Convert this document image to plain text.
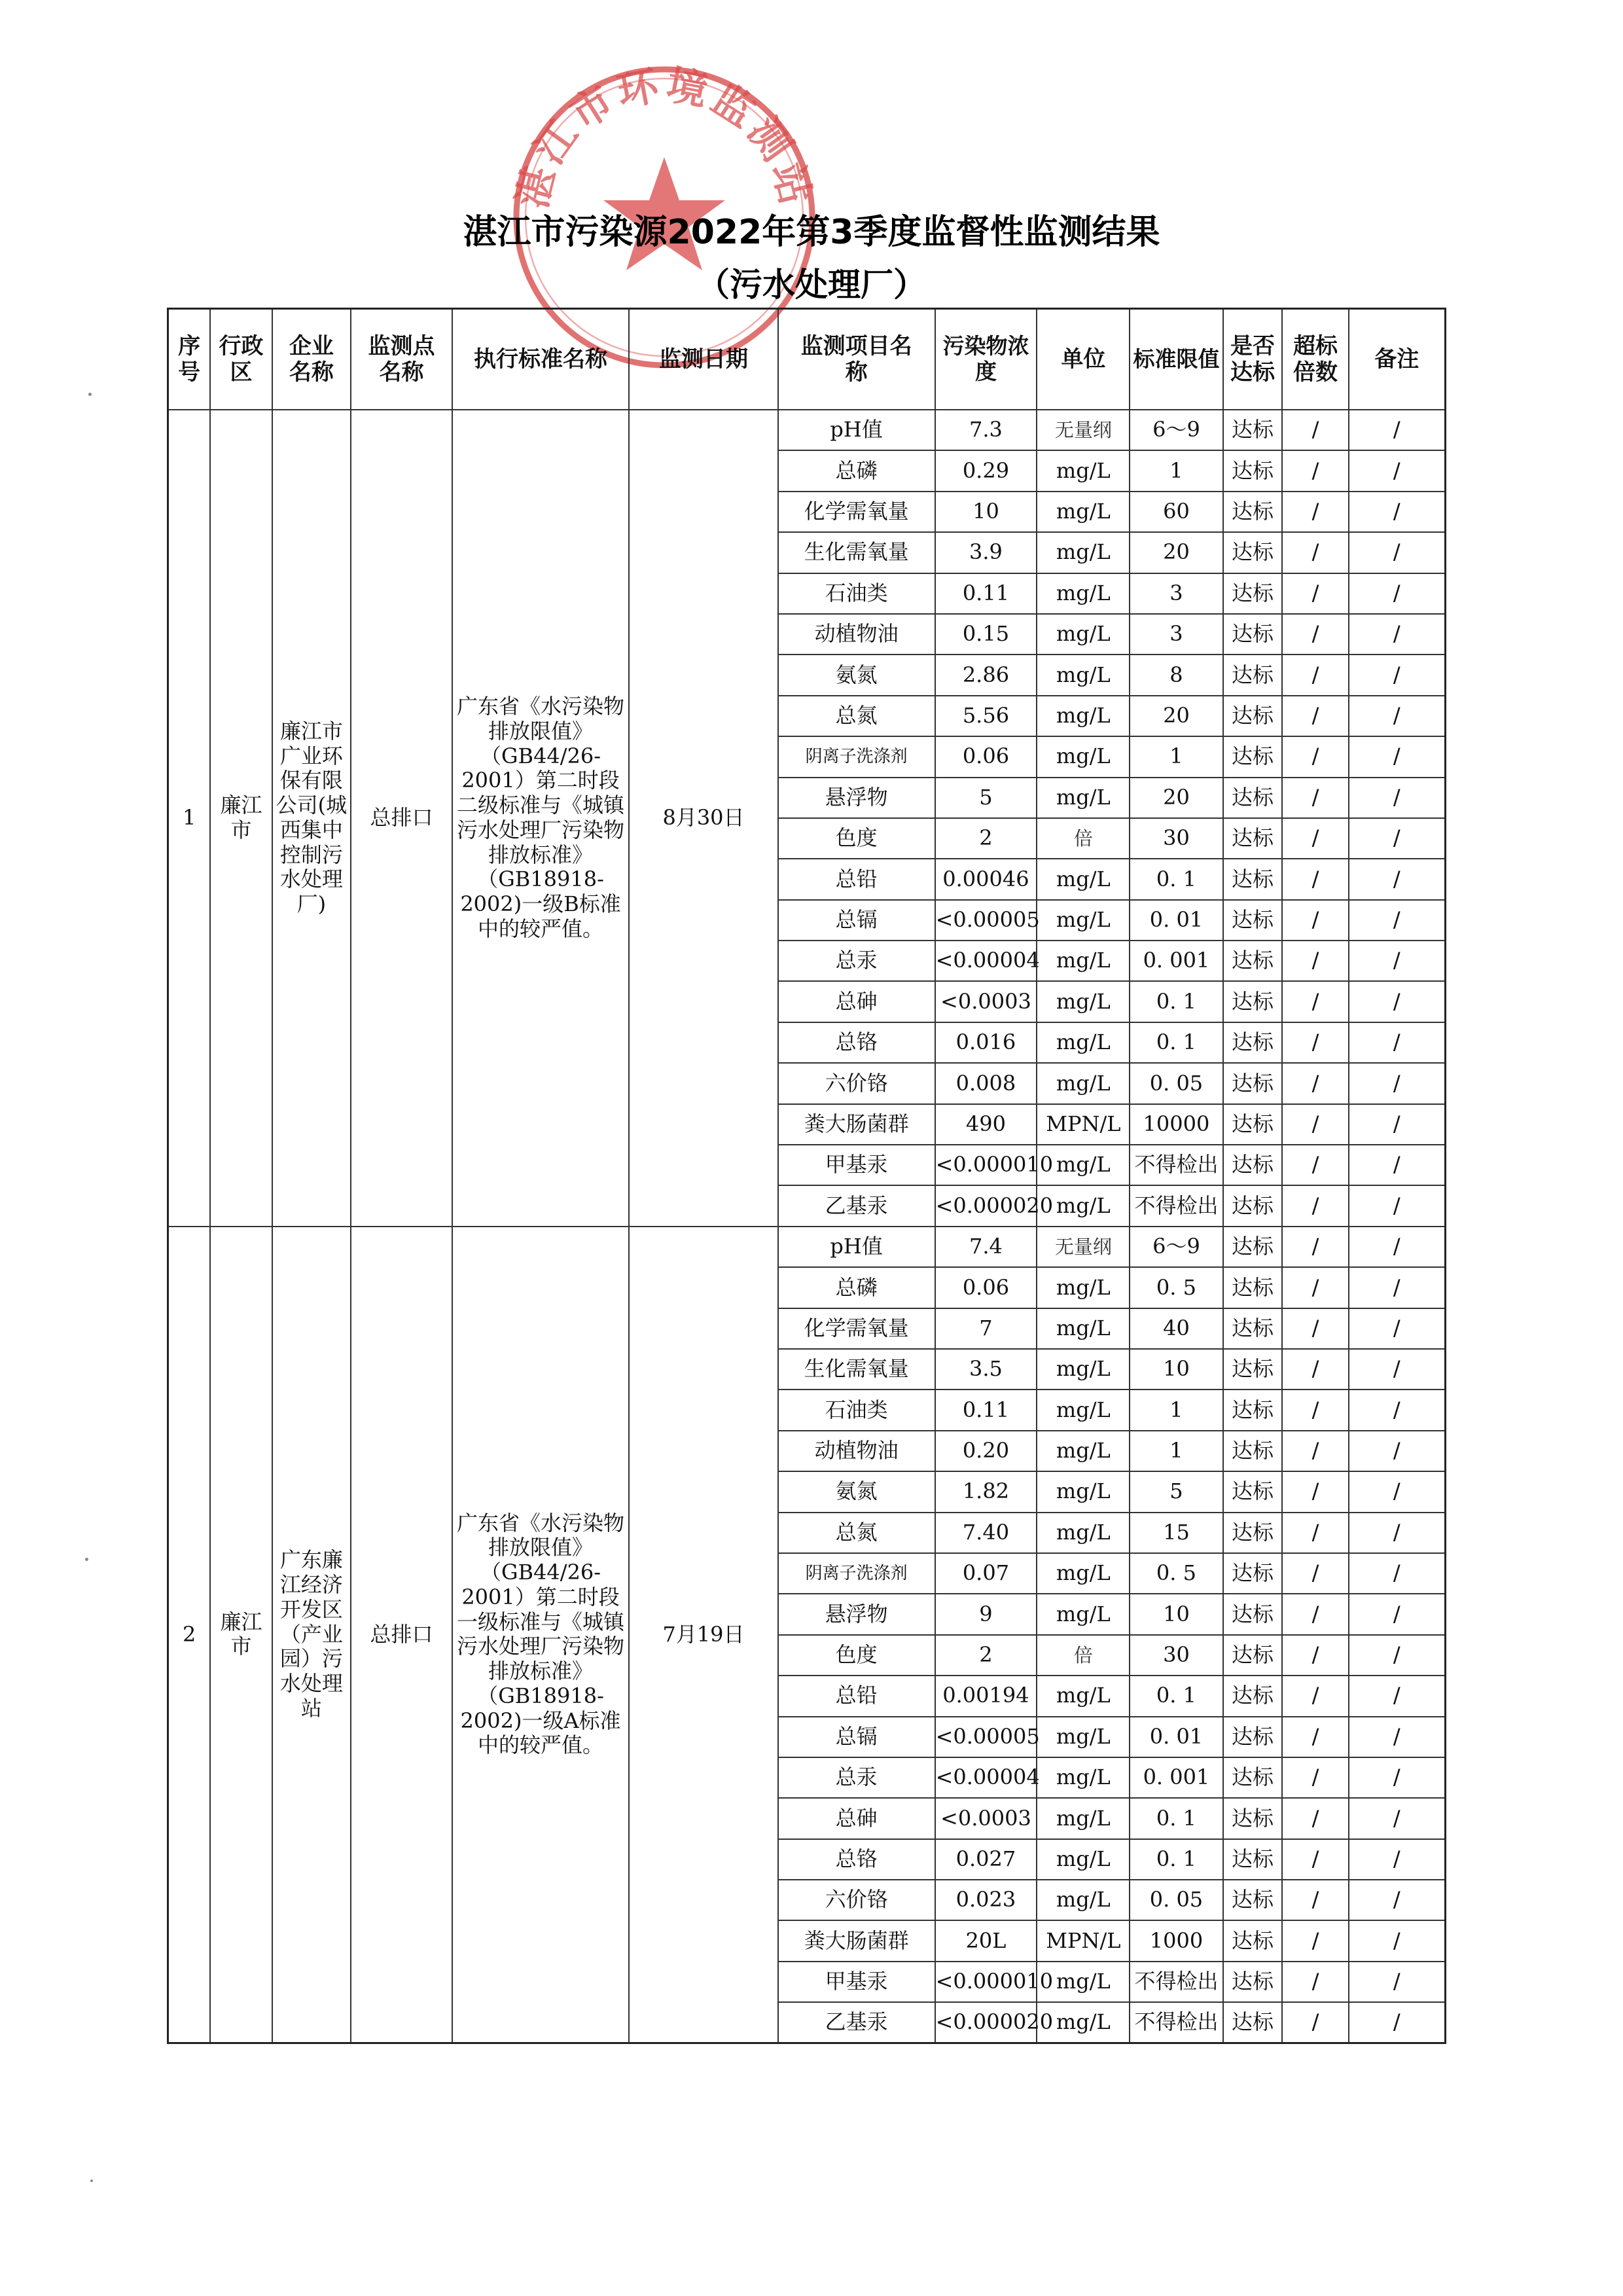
湛江市环境监测站
湛江市污染源2022年第3季度监督性监测结果
（污水处理厂）
序号	行政区	企业名称	监测点名称	执行标准名称	监测日期	监测项目名称	污染物浓度	单位	标准限值	是否达标	超标倍数	备注
1	廉江市	廉江市广业环保有限公司(城西集中控制污水处理厂)	总排口	广东省《水污染物排放限值》（GB44/26-2001）第二时段二级标准与《城镇污水处理厂污染物排放标准》（GB18918-2002)一级B标准中的较严值。	8月30日	pH值	7.3	无量纲	6～9	达标	/	/
						总磷	0.29	mg/L	1	达标	/	/
						化学需氧量	10	mg/L	60	达标	/	/
						生化需氧量	3.9	mg/L	20	达标	/	/
						石油类	0.11	mg/L	3	达标	/	/
						动植物油	0.15	mg/L	3	达标	/	/
						氨氮	2.86	mg/L	8	达标	/	/
						总氮	5.56	mg/L	20	达标	/	/
						阴离子洗涤剂	0.06	mg/L	1	达标	/	/
						悬浮物	5	mg/L	20	达标	/	/
						色度	2	倍	30	达标	/	/
						总铅	0.00046	mg/L	0. 1	达标	/	/
						总镉	<0.00005	mg/L	0. 01	达标	/	/
						总汞	<0.00004	mg/L	0. 001	达标	/	/
						总砷	<0.0003	mg/L	0. 1	达标	/	/
						总铬	0.016	mg/L	0. 1	达标	/	/
						六价铬	0.008	mg/L	0. 05	达标	/	/
						粪大肠菌群	490	MPN/L	10000	达标	/	/
						甲基汞	<0.000010	mg/L	不得检出	达标	/	/
						乙基汞	<0.000020	mg/L	不得检出	达标	/	/
2	廉江市	广东廉江经济开发区（产业园）污水处理站	总排口	广东省《水污染物排放限值》（GB44/26-2001）第二时段一级标准与《城镇污水处理厂污染物排放标准》（GB18918-2002)一级A标准中的较严值。	7月19日	pH值	7.4	无量纲	6～9	达标	/	/
						总磷	0.06	mg/L	0. 5	达标	/	/
						化学需氧量	7	mg/L	40	达标	/	/
						生化需氧量	3.5	mg/L	10	达标	/	/
						石油类	0.11	mg/L	1	达标	/	/
						动植物油	0.20	mg/L	1	达标	/	/
						氨氮	1.82	mg/L	5	达标	/	/
						总氮	7.40	mg/L	15	达标	/	/
						阴离子洗涤剂	0.07	mg/L	0. 5	达标	/	/
						悬浮物	9	mg/L	10	达标	/	/
						色度	2	倍	30	达标	/	/
						总铅	0.00194	mg/L	0. 1	达标	/	/
						总镉	<0.00005	mg/L	0. 01	达标	/	/
						总汞	<0.00004	mg/L	0. 001	达标	/	/
						总砷	<0.0003	mg/L	0. 1	达标	/	/
						总铬	0.027	mg/L	0. 1	达标	/	/
						六价铬	0.023	mg/L	0. 05	达标	/	/
						粪大肠菌群	20L	MPN/L	1000	达标	/	/
						甲基汞	<0.000010	mg/L	不得检出	达标	/	/
						乙基汞	<0.000020	mg/L	不得检出	达标	/	/
